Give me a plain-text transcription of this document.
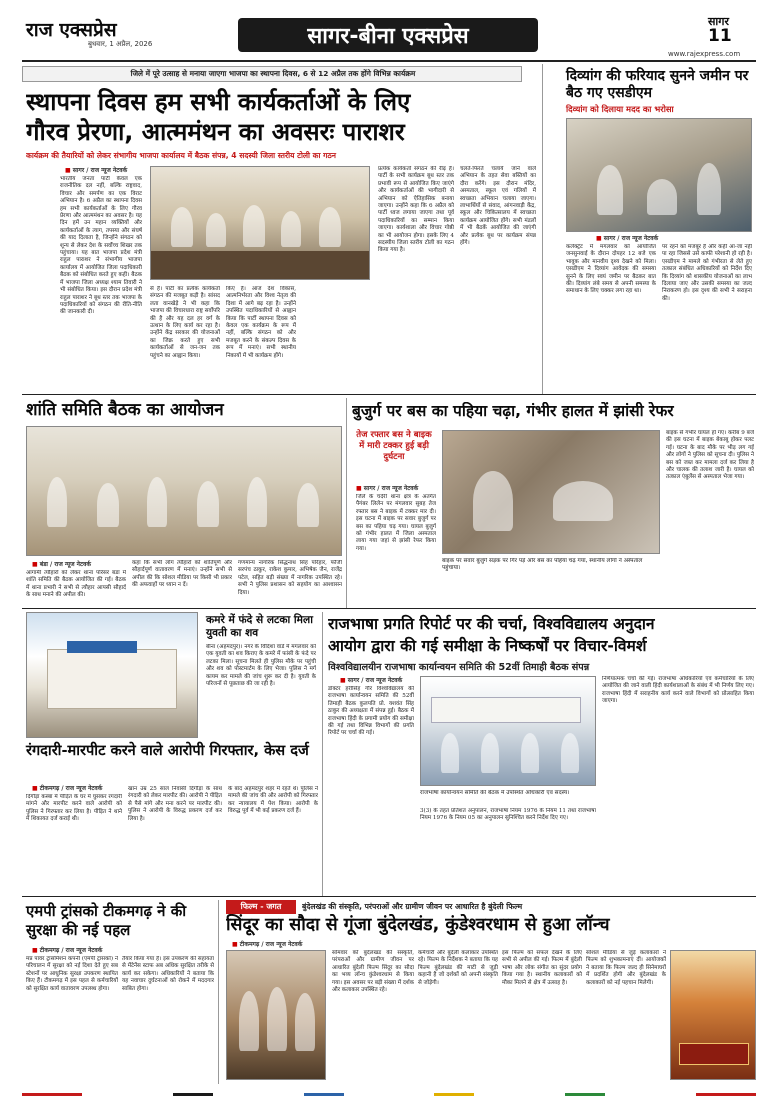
राज एक्सप्रेस
बुधवार, 1 अप्रैल, 2026	सागर-बीना एक्सप्रेस
सागर
11
www.rajexpress.com
जिले में पूरे उत्साह से मनाया जाएगा भाजपा का स्थापना दिवस, 6 से 12 अप्रैल तक होंगे विभिन्न कार्यक्रम
स्थापना दिवस हम सभी कार्यकर्ताओं के लिए
गौरव प्रेरणा, आत्ममंथन का अवसरः पाराशर
कार्यक्रम की तैयारियों को लेकर संभागीय भाजपा कार्यालय में बैठक संपन्न, 4 सदस्यी जिला स्तरीय टोली का गठन
■ सागर / राज न्यूज नेटवर्क
भारतीय जनता पार्टी केवल एक राजनीतिक दल नहीं, बल्कि राष्ट्रवाद, विचार और समर्पण का एक विराट अभियान है। 6 अप्रैल का स्थापना दिवस हम सभी कार्यकर्ताओं के लिए गौरव प्रेरणा और आत्ममंथन का अवसर है। यह दिन हमें उन महान व्यक्तियों और कार्यकर्ताओं के त्याग, तपस्या और संघर्ष की याद दिलाता है, जिन्होंने संगठन को शून्य से लेकर देश के सर्वोच्च शिखर तक पहुंचाया। यह बात भाजपा प्रदेश मंत्री राहुल पाराशर ने संभागीय भाजपा कार्यालय में आयोजित जिला पदाधिकारी बैठक को संबोधित करते हुए कही। बैठक में भाजपा जिला अध्यक्ष श्याम तिवारी ने भी संबोधित किया। इस दौरान प्रदेश मंत्री राहुल पाराशर ने बूथ स्तर तक भाजपा के पदाधिकारियों को संगठन की रीति-नीति की जानकारी दी।
से है। पार्टी का प्रत्येक कार्यकर्ता संगठन की मजबूत कड़ी है। सांसद लता वानखेड़े ने भी कहा कि भाजपा की विचारधारा राष्ट्र सर्वोपरि की है और यह दल हर वर्ग के उत्थान के लिए कार्य कर रहा है। उन्होंने केंद्र सरकार की योजनाओं का जिक्र करते हुए सभी कार्यकर्ताओं से जन-जन तक पहुंचने का आह्वान किया।
किए हैं। आज देश विकास, आत्मनिर्भरता और विश्व नेतृत्व की दिशा में आगे बढ़ रहा है। उन्होंने उपस्थित पदाधिकारियों से आह्वान किया कि पार्टी स्थापना दिवस को केवल एक कार्यक्रम के रूप में नहीं, बल्कि संगठन को और मजबूत करने के संकल्प दिवस के रूप में मनाएं। सभी स्थानीय निकायों में भी कार्यक्रम होंगे।
प्रत्येक कार्यकर्ता संगठन की रीढ़ है। पार्टी के सभी कार्यक्रम बूथ स्तर तक प्रभावी रूप से आयोजित किए जाएंगे और कार्यकर्ताओं की भागीदारी से अभियान को ऐतिहासिक बनाया जाएगा। उन्होंने कहा कि 6 अप्रैल को पार्टी ध्वज लगाया जाएगा तथा पूर्व पदाधिकारियों का सम्मान किया जाएगा। कार्यशाला और विचार गोष्ठी का भी आयोजन होगा। इसके लिए 4 सदस्यीय जिला स्तरीय टोली का गठन किया गया है।
चलते-फिरते चलाये जाने वाले अभियान के तहत सेवा बस्तियों का दौरा करेंगे। इस दौरान मंदिर, अस्पताल, स्कूल एवं गलियों में स्वच्छता अभियान चलाया जाएगा। लाभार्थियों से संवाद, आंगनवाड़ी केंद्र, स्कूल और चिकित्सालय में स्वच्छता कार्यक्रम आयोजित होंगे। सभी मंडलों में भी बैठकें आयोजित की जाएंगी और प्रत्येक बूथ पर कार्यक्रम संपन्न होंगे।
दिव्यांग की फरियाद सुनने जमीन पर बैठ गए एसडीएम
दिव्यांग को दिलाया मदद का भरोसा
■ सागर / राज न्यूज नेटवर्क
कलेक्ट्रेट में मंगलवार को आयोजित जनसुनवाई के दौरान दोपहर 12 बजे एक भावुक और मानवीय दृश्य देखने को मिला। एसडीएम ने दिव्यांग आवेदक की समस्या सुनने के लिए स्वयं जमीन पर बैठकर बात की। दिव्यांग लंबे समय से अपनी समस्या के समाधान के लिए चक्कर लगा रहा था।
पर रहने को मजबूर है और कहीं आ-जा नहीं पा रहा जिससे उसे काफी परेशानी हो रही है। एसडीएम ने मामले को गंभीरता से लेते हुए तत्काल संबंधित अधिकारियों को निर्देश दिए कि दिव्यांग को शासकीय योजनाओं का लाभ दिलाया जाए और उसकी समस्या का जल्द निराकरण हो। इस दृश्य की सभी ने सराहना की।
शांति समिति बैठक का आयोजन
■ बंडा / राज न्यूज नेटवर्क
आगामी त्यौहारों को लेकर थाना परिसर बंडा में शांति समिति की बैठक आयोजित की गई। बैठक में थाना प्रभारी ने सभी से त्यौहार आपसी सौहार्द के साथ मनाने की अपील की।
कहा कि सभी लोग त्यौहारों को शांतिपूर्ण और सौहार्दपूर्ण वातावरण में मनाएं। उन्होंने सभी से अपील की कि सोशल मीडिया पर किसी भी प्रकार की अफवाहों पर ध्यान न दें।
गणमान्य नागरिक सिद्धनाथ सिंह परिहार, फौजी सरपंच ठाकुर, राकेश कुमार, अभिषेक जैन, राजेंद्र पटेल, सहित बड़ी संख्या में नागरिक उपस्थित रहे। सभी ने पुलिस प्रशासन को सहयोग का आश्वासन दिया।
बुजुर्ग पर बस का पहिया चढ़ा, गंभीर हालत में झांसी रेफर
तेज रफ्तार बस ने बाइक में मारी टक्कर हुई बड़ी दुर्घटना
■ सागर / राज न्यूज नेटवर्क
जिले के चंदेरी थाना क्षेत्र के अंतर्गत पैगंबर लिलेन पर मंगलवार सुबह तेज रफ्तार बस ने बाइक में टक्कर मार दी। इस घटना में बाइक पर सवार बुजुर्ग पर बस का पहिया चढ़ गया। घायल बुजुर्ग को गंभीर हालत में जिला अस्पताल लाया गया जहां से झांसी रेफर किया गया।
बाइक पर सवार बुजुर्ग सड़क पर गिर पड़े और बस का पहिया चढ़ गया, स्थानीय लोगों ने अस्पताल पहुंचाया।
बाइक से गंभीर घायल हो गए। करीब 9 बजे की इस घटना में बाइक बेकाबू होकर पलट गई। घटना के बाद मौके पर भीड़ लग गई और लोगों ने पुलिस को सूचना दी। पुलिस ने बस को जब्त कर मामला दर्ज कर लिया है और चालक की तलाश जारी है। घायल को तत्काल एंबुलेंस से अस्पताल भेजा गया।
कमरे में फंदे से लटका मिला युवती का शव
बीना (अहमदपुर)। नगर के विदिशा वार्ड में मंगलवार को एक युवती का शव किराए के कमरे में फांसी के फंदे पर लटका मिला। सूचना मिलते ही पुलिस मौके पर पहुंची और शव को पोस्टमार्टम के लिए भेजा। पुलिस ने मर्ग कायम कर मामले की जांच शुरू कर दी है। युवती के परिजनों से पूछताछ की जा रही है।
रंगदारी-मारपीट करने वाले आरोपी गिरफ्तार, केस दर्ज
■ टीकमगढ़ / राज न्यूज नेटवर्क
दिगौड़ा कस्बा में पीड़ित के घर में घुसकर रंगदारी मांगने और मारपीट करने वाले आरोपी को पुलिस ने गिरफ्तार कर लिया है। पीड़ित ने थाने में शिकायत दर्ज कराई थी।
खान उम्र 25 साल निवासी दिगौड़ा के साथ रंगदारी को लेकर मारपीट की। आरोपी ने पीड़ित से पैसे मांगे और मना करने पर मारपीट की। पुलिस ने आरोपी के विरुद्ध प्रकरण दर्ज कर लिया है।
के बाद अहमदपुर शहर में रहते थे। पुलिस ने मामले की जांच की और आरोपी को गिरफ्तार कर न्यायालय में पेश किया। आरोपी के विरुद्ध पूर्व में भी कई प्रकरण दर्ज हैं।
राजभाषा प्रगति रिपोर्ट पर की चर्चा, विश्वविद्यालय अनुदान
आयोग द्वारा की गई समीक्षा के निष्कर्षों पर विचार-विमर्श
विश्वविद्यालयीन राजभाषा कार्यान्वयन समिति की 52वीं तिमाही बैठक संपन्न
■ सागर / राज न्यूज नेटवर्क
डॉक्टर हरीसिंह गौर विश्वविद्यालय की राजभाषा कार्यान्वयन समिति की 52वीं तिमाही बैठक कुलपति प्रो. यशवंत सिंह ठाकुर की अध्यक्षता में संपन्न हुई। बैठक में राजभाषा हिंदी के प्रगामी प्रयोग की समीक्षा की गई तथा विभिन्न विभागों की प्रगति रिपोर्ट पर चर्चा की गई।
राजभाषा कार्यान्वयन समिति की बैठक में उपस्थित अधिकारी एवं सदस्य।
3(3) के तहत प्रतिशत अनुपालन, राजभाषा नियम 1976 के नियम 11 तथा राजभाषा नियम 1976 के नियम 05 का अनुपालन सुनिश्चित करने निर्देश दिए गए।
निर्णयात्मक चर्चा की गई। राजभाषा अधिकारियों एवं कर्मचारियों के लिए आयोजित की जाने वाली हिंदी कार्यशालाओं के संबंध में भी निर्णय लिए गए। राजभाषा हिंदी में सराहनीय कार्य करने वाले विभागों को प्रोत्साहित किया जाएगा।
एमपी ट्रांसको टीकमगढ़ ने की सुरक्षा की नई पहल
■ टीकमगढ़ / राज न्यूज नेटवर्क
मप्र पावर ट्रांसमिशन कंपनी (एमपी ट्रांसको) ने परिचालन में सुरक्षा को नई दिशा देते हुए सब स्टेशनों पर आधुनिक सुरक्षा उपकरण स्थापित किए हैं। टीकमगढ़ में इस पहल से कर्मचारियों को सुरक्षित कार्य वातावरण उपलब्ध होगा।
तैयार किया गया है। इस उपकरण की सहायता से मेंटेनेंस स्टाफ अब अधिक सुरक्षित तरीके से कार्य कर सकेगा। अधिकारियों ने बताया कि यह नवाचार दुर्घटनाओं को रोकने में मददगार साबित होगा।
फिल्म - जगत	बुंदेलखंड की संस्कृति, परंपराओं और ग्रामीण जीवन पर आधारित है बुंदेली फिल्म
सिंदूर का सौदा से गूंजा बुंदेलखंड, कुंडेश्वरधाम से हुआ लॉन्च
■ टीकमगढ़ / राज न्यूज नेटवर्क
सोमवार को बुंदेलखंड की संस्कृति, परंपराओं और ग्रामीण जीवन पर आधारित बुंदेली फिल्म सिंदूर का सौदा का भव्य लॉन्च कुंडेश्वरधाम से किया गया। इस अवसर पर बड़ी संख्या में दर्शक और कलाकार उपस्थित रहे।
कर्मचारी और बुंदेली कलाकार उपस्थित रहे। फिल्म के निर्देशक ने बताया कि यह फिल्म बुंदेलखंड की माटी से जुड़ी कहानी है जो दर्शकों को अपनी संस्कृति से जोड़ेगी।
इस फिल्म को सफल देखने के लिए सभी से अपील की गई। फिल्म में बुंदेली भाषा और लोक संगीत का सुंदर प्रयोग किया गया है। स्थानीय कलाकारों को मौका मिलने से क्षेत्र में उत्साह है।
सोशल मीडिया से जुड़े कलाकारों ने फिल्म को शुभकामनाएं दीं। आयोजकों ने बताया कि फिल्म जल्द ही सिनेमाघरों में प्रदर्शित होगी और बुंदेलखंड के कलाकारों को नई पहचान मिलेगी।
